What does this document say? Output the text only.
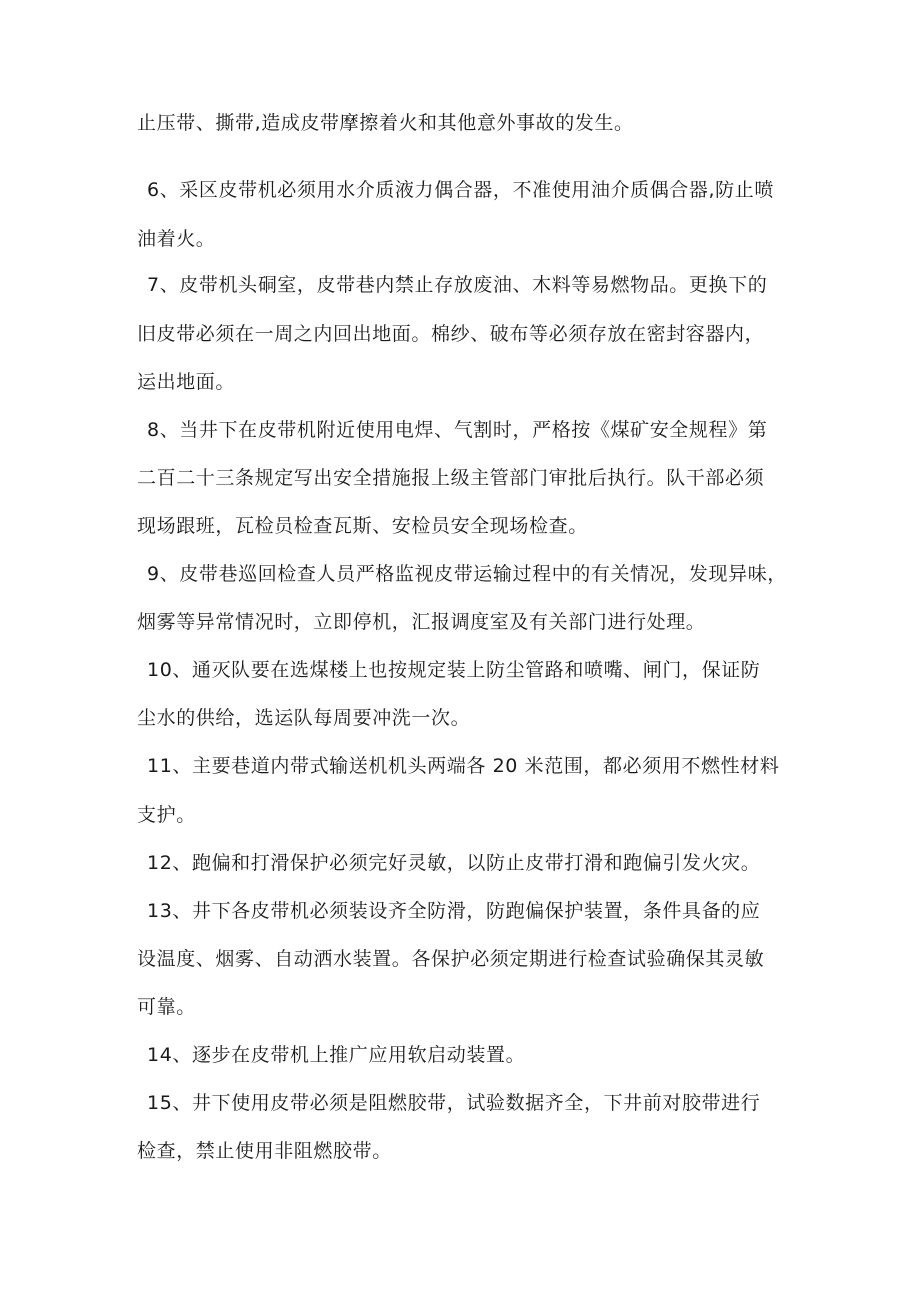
止压带、撕带,造成皮带摩擦着火和其他意外事故的发生。
6、采区皮带机必须用水介质液力偶合器，不准使用油介质偶合器,防止喷
油着火。
7、皮带机头硐室，皮带巷内禁止存放废油、木料等易燃物品。更换下的
旧皮带必须在一周之内回出地面。棉纱、破布等必须存放在密封容器内，
运出地面。
8、当井下在皮带机附近使用电焊、气割时，严格按《煤矿安全规程》第
二百二十三条规定写出安全措施报上级主管部门审批后执行。队干部必须
现场跟班，瓦检员检查瓦斯、安检员安全现场检查。
9、皮带巷巡回检查人员严格监视皮带运输过程中的有关情况，发现异味，
烟雾等异常情况时，立即停机，汇报调度室及有关部门进行处理。
10、通灭队要在选煤楼上也按规定装上防尘管路和喷嘴、闸门，保证防
尘水的供给，选运队每周要冲洗一次。
11、主要巷道内带式输送机机头两端各 20 米范围，都必须用不燃性材料
支护。
12、跑偏和打滑保护必须完好灵敏，以防止皮带打滑和跑偏引发火灾。
13、井下各皮带机必须装设齐全防滑，防跑偏保护装置，条件具备的应
设温度、烟雾、自动洒水装置。各保护必须定期进行检查试验确保其灵敏
可靠。
14、逐步在皮带机上推广应用软启动装置。
15、井下使用皮带必须是阻燃胶带，试验数据齐全，下井前对胶带进行
检查，禁止使用非阻燃胶带。
